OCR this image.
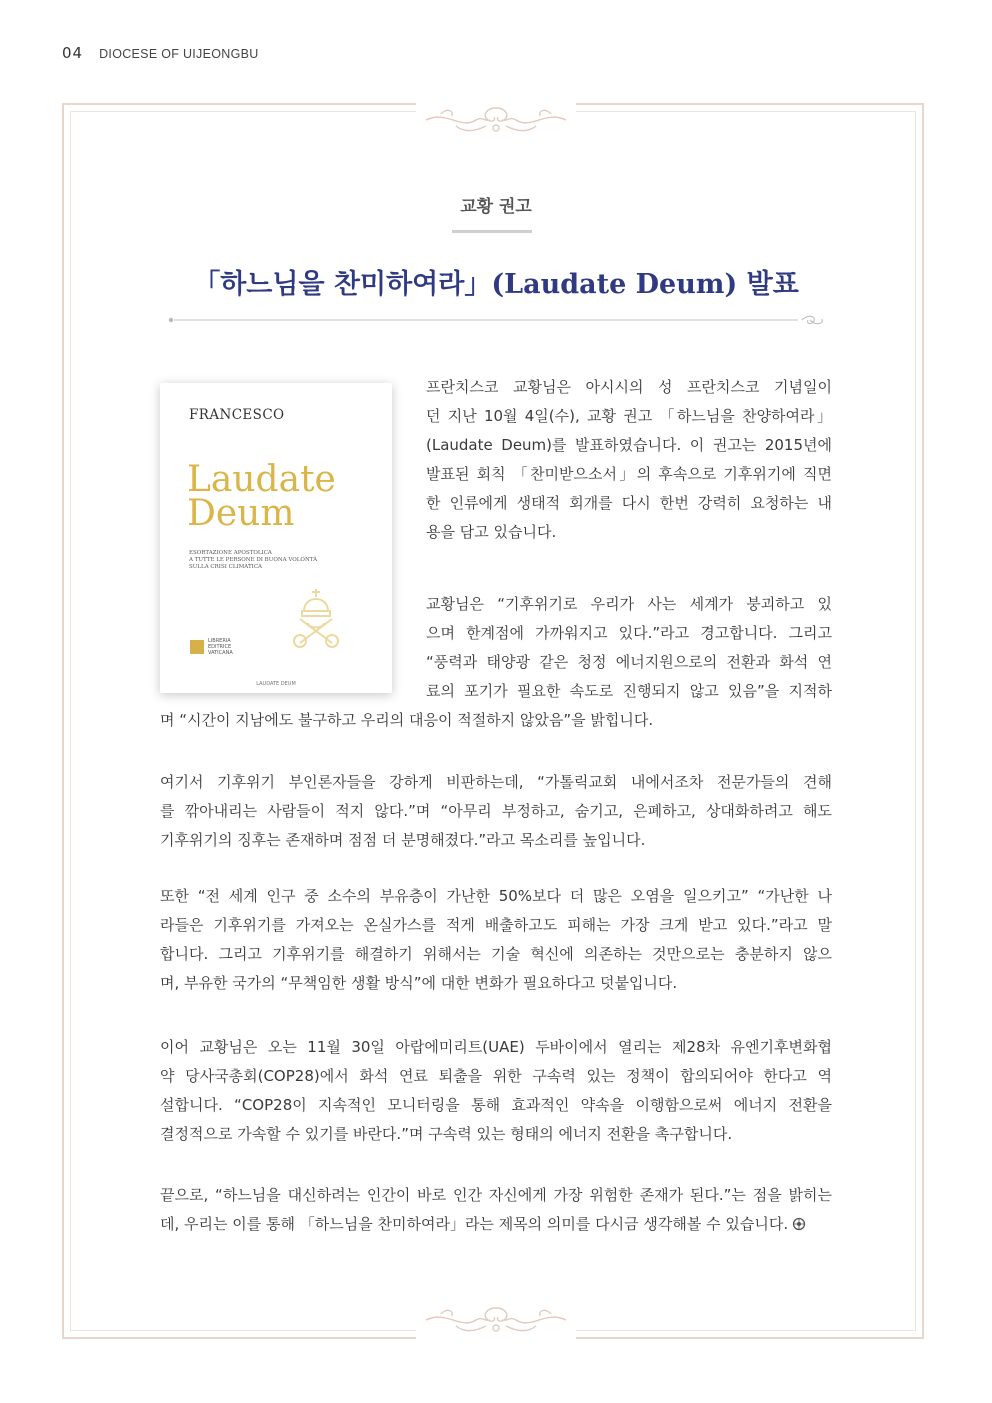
04 DIOCESE OF UIJEONGBU
교황 권고
「하느님을 찬미하여라」(Laudate Deum) 발표
FRANCESCO
Laudate
Deum
ESORTAZIONE APOSTOLICA
A TUTTE LE PERSONE DI BUONA VOLONTÀ
SULLA CRISI CLIMATICA
LIBRERIA
EDITRICE
VATICANA
LAUDATE DEUM
프란치스코 교황님은 아시시의 성 프란치스코 기념일이
던 지난 10월 4일(수), 교황 권고 「하느님을 찬양하여라」
(Laudate Deum)를 발표하였습니다. 이 권고는 2015년에
발표된 회칙 「찬미받으소서」의 후속으로 기후위기에 직면
한 인류에게 생태적 회개를 다시 한번 강력히 요청하는 내
용을 담고 있습니다.
교황님은 “기후위기로 우리가 사는 세계가 붕괴하고 있
으며 한계점에 가까워지고 있다.”라고 경고합니다. 그리고
“풍력과 태양광 같은 청정 에너지원으로의 전환과 화석 연
료의 포기가 필요한 속도로 진행되지 않고 있음”을 지적하
며 “시간이 지남에도 불구하고 우리의 대응이 적절하지 않았음”을 밝힙니다.
여기서 기후위기 부인론자들을 강하게 비판하는데, “가톨릭교회 내에서조차 전문가들의 견해
를 깎아내리는 사람들이 적지 않다.”며 “아무리 부정하고, 숨기고, 은폐하고, 상대화하려고 해도
기후위기의 징후는 존재하며 점점 더 분명해졌다.”라고 목소리를 높입니다.
또한 “전 세계 인구 중 소수의 부유층이 가난한 50%보다 더 많은 오염을 일으키고” “가난한 나
라들은 기후위기를 가져오는 온실가스를 적게 배출하고도 피해는 가장 크게 받고 있다.”라고 말
합니다. 그리고 기후위기를 해결하기 위해서는 기술 혁신에 의존하는 것만으로는 충분하지 않으
며, 부유한 국가의 “무책임한 생활 방식”에 대한 변화가 필요하다고 덧붙입니다.
이어 교황님은 오는 11월 30일 아랍에미리트(UAE) 두바이에서 열리는 제28차 유엔기후변화협
약 당사국총회(COP28)에서 화석 연료 퇴출을 위한 구속력 있는 정책이 합의되어야 한다고 역
설합니다. “COP28이 지속적인 모니터링을 통해 효과적인 약속을 이행함으로써 에너지 전환을
결정적으로 가속할 수 있기를 바란다.”며 구속력 있는 형태의 에너지 전환을 촉구합니다.
끝으로, “하느님을 대신하려는 인간이 바로 인간 자신에게 가장 위험한 존재가 된다.”는 점을 밝히는
데, 우리는 이를 통해 「하느님을 찬미하여라」라는 제목의 의미를 다시금 생각해볼 수 있습니다.
